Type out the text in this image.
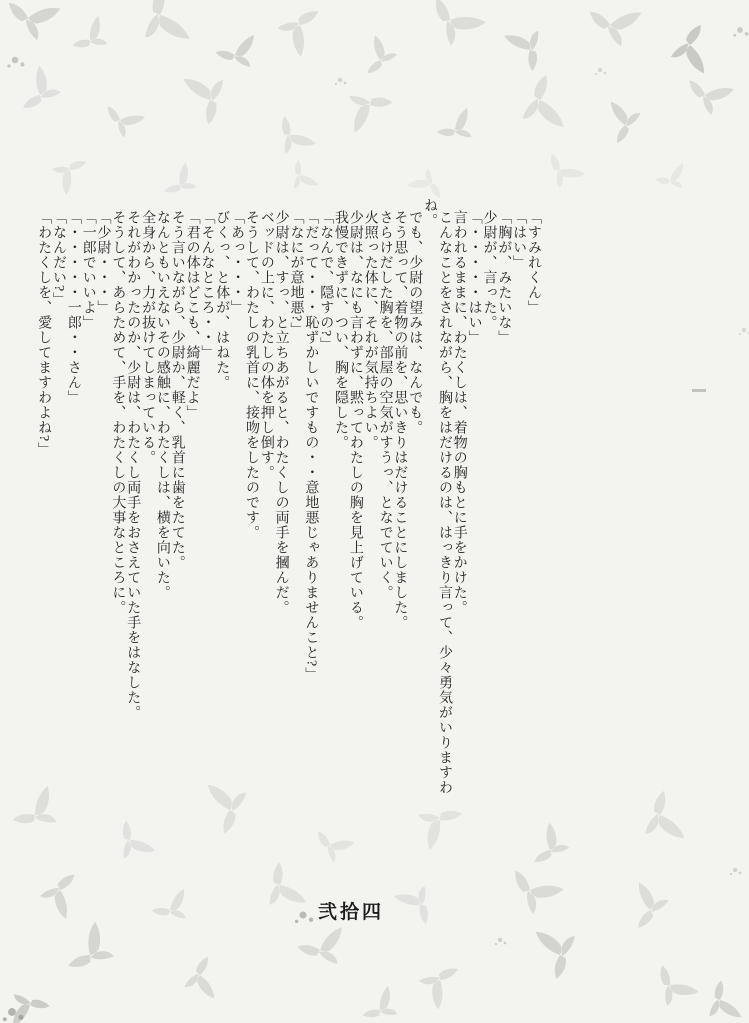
「すみれくん」
「はい」
「胸が、みたいな」
少尉が、言った。
「・・・・・はい」
言われるままに、わたくしは、着物の胸もとに手をかけた。
こんなことをされながら、胸をはだけるのは、はっきり言って、少々勇気がいりますわ
ね。
でも、少尉の望みは、なんでも。
そう思って、着物の前を、思いきりはだけることにしました。
さらけだした胸を、部屋の空気がすうっ、となでていく。
火照った体に、それが気持ちよい。
少尉は、なにも言わずに、黙ってわたしの胸を見上げている。
我慢できずに、つい、胸を隠した。
「なんで、隠すの?」
「だって・・・恥ずかしいですもの・・意地悪じゃありませんこと?」
「なにが意地悪?」
少尉は、すっ、と立ちあがると、わたくしの両手を摑んだ。
ベッドの上に、わたしの体を押し倒す。
そうして、わたしの乳首に、接吻をしたのです。
「あっ・・・」
びくっ、と体が、はねた。
「そんなところ・・」
「君の体はどこも、綺麗だよ」
そう言いながら、少尉か、軽く、乳首に歯をたてた。
なんともいえないその感触に、わたくしは、横を向いた。
全身から、力が抜けてしまっている。
それがわかったのか、少尉は、わたくし両手をおさえていた手をはなした。
そうして、あらためて、手を、わたくしの大事なところに。
「少尉・・・」
「一郎でいいよ」
「・・・・・一郎・・さん」
「なんだい?」
「わたくしを、愛してますわよね?」
弐拾四
